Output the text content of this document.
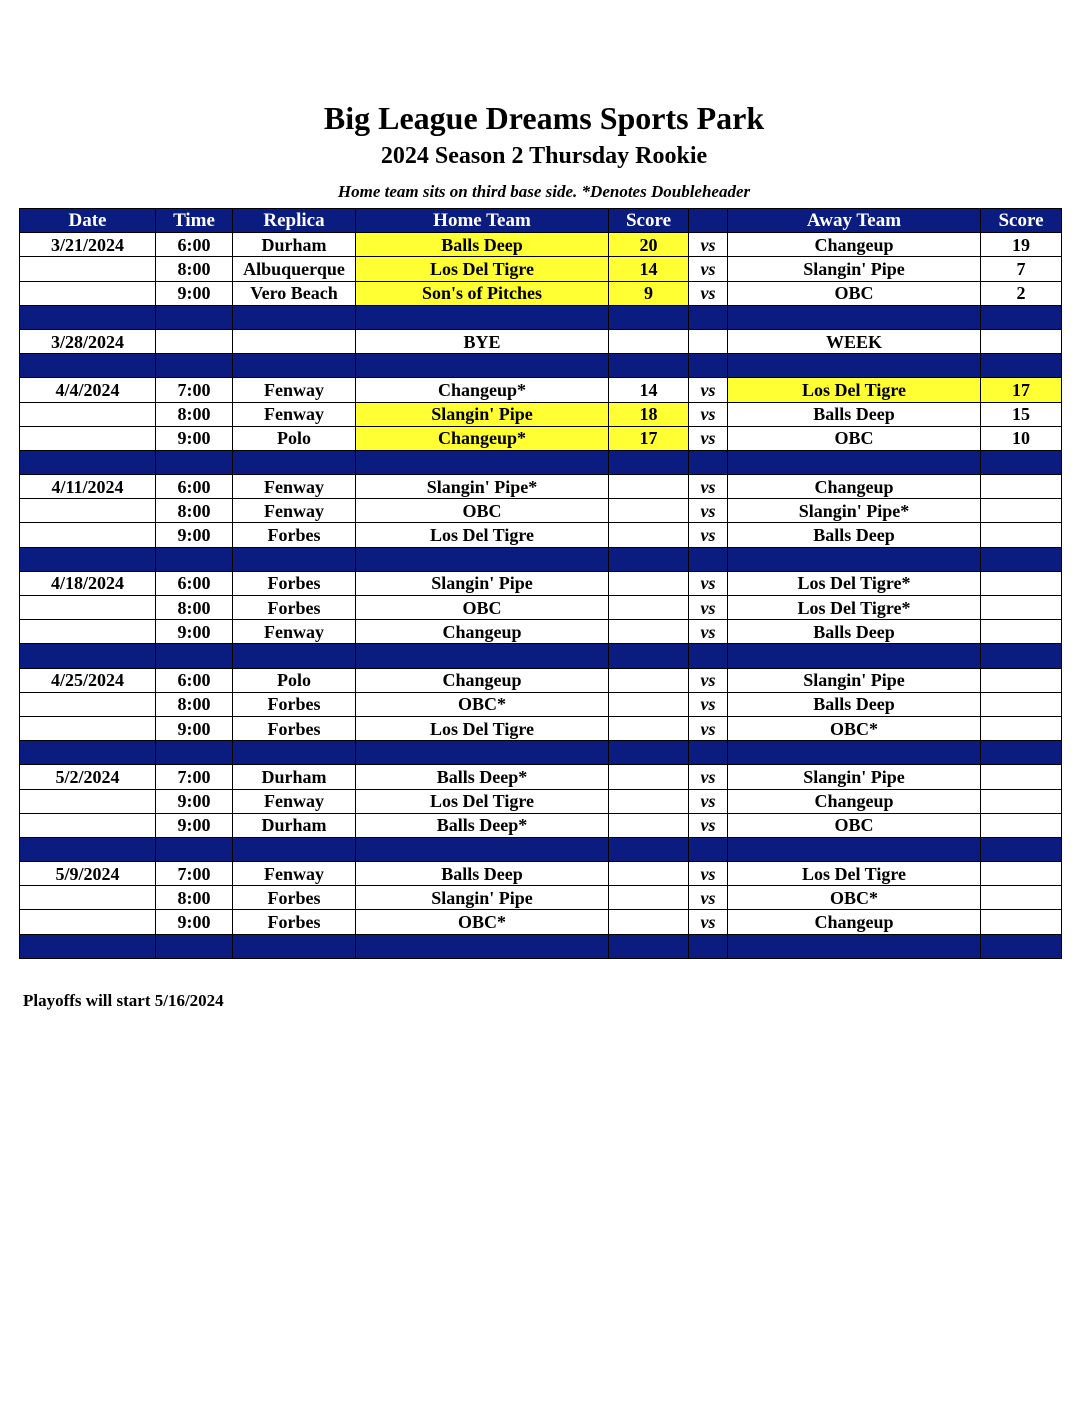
Big League Dreams Sports Park
2024 Season 2 Thursday Rookie

Home team sits on third base side. *Denotes Doubleheader

Date	Time	Replica	Home Team	Score		Away Team	Score
3/21/2024	6:00	Durham	Balls Deep	20	vs	Changeup	19
	8:00	Albuquerque	Los Del Tigre	14	vs	Slangin' Pipe	7
	9:00	Vero Beach	Son's of Pitches	9	vs	OBC	2

3/28/2024			BYE			WEEK	

4/4/2024	7:00	Fenway	Changeup*	14	vs	Los Del Tigre	17
	8:00	Fenway	Slangin' Pipe	18	vs	Balls Deep	15
	9:00	Polo	Changeup*	17	vs	OBC	10

4/11/2024	6:00	Fenway	Slangin' Pipe*		vs	Changeup	
	8:00	Fenway	OBC		vs	Slangin' Pipe*	
	9:00	Forbes	Los Del Tigre		vs	Balls Deep	

4/18/2024	6:00	Forbes	Slangin' Pipe		vs	Los Del Tigre*	
	8:00	Forbes	OBC		vs	Los Del Tigre*	
	9:00	Fenway	Changeup		vs	Balls Deep	

4/25/2024	6:00	Polo	Changeup		vs	Slangin' Pipe	
	8:00	Forbes	OBC*		vs	Balls Deep	
	9:00	Forbes	Los Del Tigre		vs	OBC*	

5/2/2024	7:00	Durham	Balls Deep*		vs	Slangin' Pipe	
	9:00	Fenway	Los Del Tigre		vs	Changeup	
	9:00	Durham	Balls Deep*		vs	OBC	

5/9/2024	7:00	Fenway	Balls Deep		vs	Los Del Tigre	
	8:00	Forbes	Slangin' Pipe		vs	OBC*	
	9:00	Forbes	OBC*		vs	Changeup	

Playoffs will start 5/16/2024
